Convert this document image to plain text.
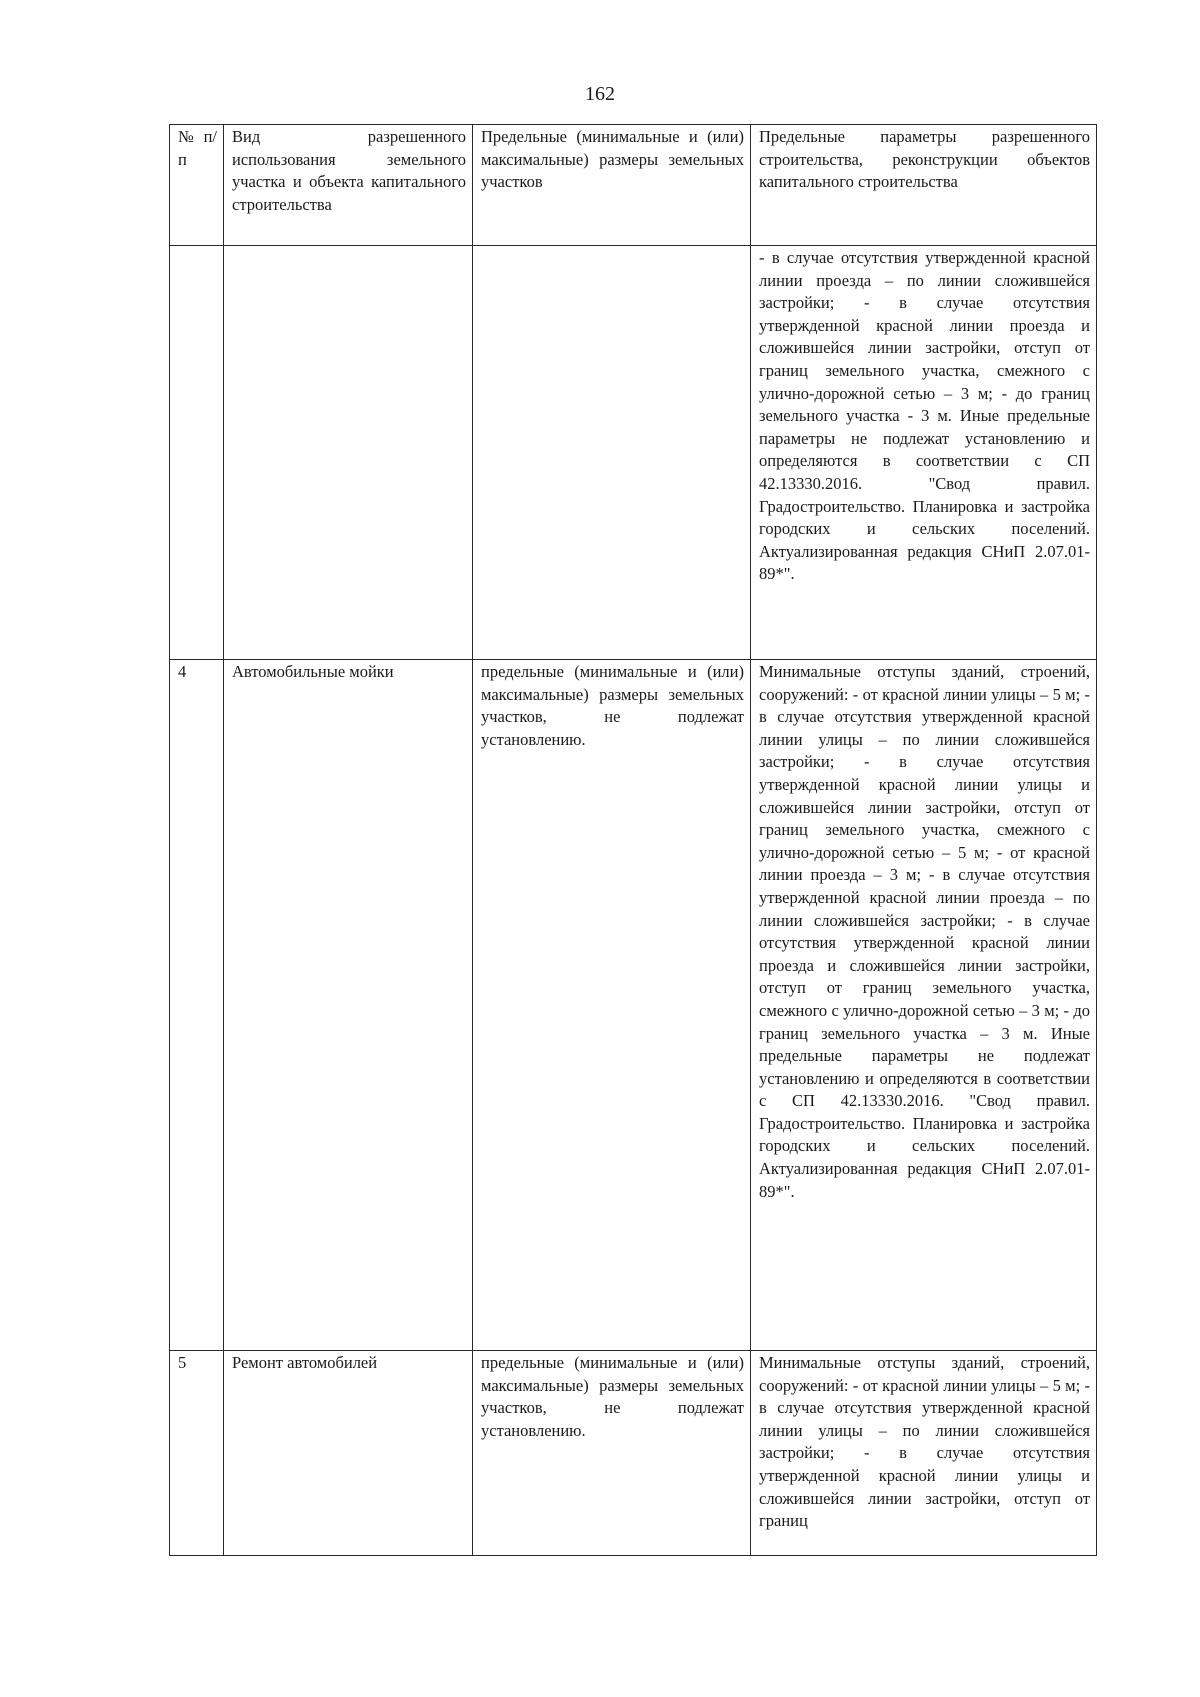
162
№ п/п	Вид разрешенного использования земельного участка и объекта капитального строительства	Предельные (минимальные и (или) максимальные) размеры земельных участков	Предельные параметры разрешенного строительства, реконструкции объектов капитального строительства
			- в случае отсутствия утвержденной красной линии проезда – по линии сложившейся застройки; - в случае отсутствия утвержденной красной линии проезда и сложившейся линии застройки, отступ от границ земельного участка, смежного с улично-дорожной сетью – 3 м; - до границ земельного участка - 3 м. Иные предельные параметры не подлежат установлению и определяются в соответствии с СП 42.13330.2016. "Свод правил. Градостроительство. Планировка и застройка городских и сельских поселений. Актуализированная редакция СНиП 2.07.01-89*".
4	Автомобильные мойки	предельные (минимальные и (или) максимальные) размеры земельных участков, не подлежат установлению.	Минимальные отступы зданий, строений, сооружений: - от красной линии улицы – 5 м; - в случае отсутствия утвержденной красной линии улицы – по линии сложившейся застройки; - в случае отсутствия утвержденной красной линии улицы и сложившейся линии застройки, отступ от границ земельного участка, смежного с улично-дорожной сетью – 5 м; - от красной линии проезда – 3 м; - в случае отсутствия утвержденной красной линии проезда – по линии сложившейся застройки; - в случае отсутствия утвержденной красной линии проезда и сложившейся линии застройки, отступ от границ земельного участка, смежного с улично-дорожной сетью – 3 м; - до границ земельного участка – 3 м. Иные предельные параметры не подлежат установлению и определяются в соответствии с СП 42.13330.2016. "Свод правил. Градостроительство. Планировка и застройка городских и сельских поселений. Актуализированная редакция СНиП 2.07.01-89*".
5	Ремонт автомобилей	предельные (минимальные и (или) максимальные) размеры земельных участков, не подлежат установлению.	Минимальные отступы зданий, строений, сооружений: - от красной линии улицы – 5 м; - в случае отсутствия утвержденной красной линии улицы – по линии сложившейся застройки; - в случае отсутствия утвержденной красной линии улицы и сложившейся линии застройки, отступ от границ
